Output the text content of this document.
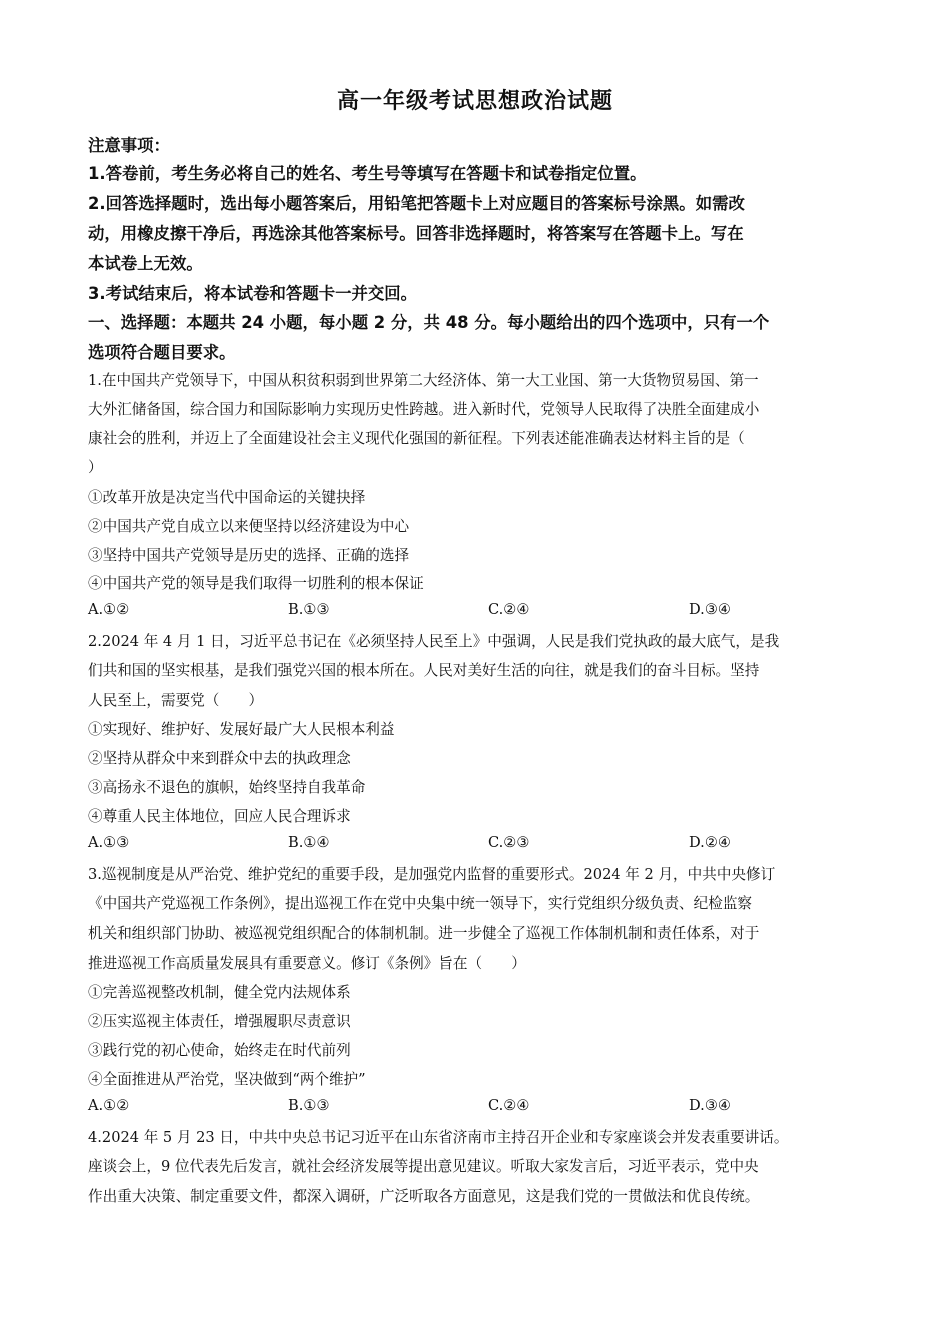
高一年级考试思想政治试题
注意事项：
1.答卷前，考生务必将自己的姓名、考生号等填写在答题卡和试卷指定位置。
2.回答选择题时，选出每小题答案后，用铅笔把答题卡上对应题目的答案标号涂黑。如需改
动，用橡皮擦干净后，再选涂其他答案标号。回答非选择题时，将答案写在答题卡上。写在
本试卷上无效。
3.考试结束后，将本试卷和答题卡一并交回。
一、选择题：本题共 24 小题，每小题 2 分，共 48 分。每小题给出的四个选项中，只有一个
选项符合题目要求。
1.在中国共产党领导下，中国从积贫积弱到世界第二大经济体、第一大工业国、第一大货物贸易国、第一
大外汇储备国，综合国力和国际影响力实现历史性跨越。进入新时代，党领导人民取得了决胜全面建成小
康社会的胜利，并迈上了全面建设社会主义现代化强国的新征程。下列表述能准确表达材料主旨的是（
）
①改革开放是决定当代中国命运的关键抉择
②中国共产党自成立以来便坚持以经济建设为中心
③坚持中国共产党领导是历史的选择、正确的选择
④中国共产党的领导是我们取得一切胜利的根本保证
A.①②	B.①③	C.②④	D.③④
2.2024 年 4 月 1 日，习近平总书记在《必须坚持人民至上》中强调，人民是我们党执政的最大底气，是我
们共和国的坚实根基，是我们强党兴国的根本所在。人民对美好生活的向往，就是我们的奋斗目标。坚持
人民至上，需要党（　　）
①实现好、维护好、发展好最广大人民根本利益
②坚持从群众中来到群众中去的执政理念
③高扬永不退色的旗帜，始终坚持自我革命
④尊重人民主体地位，回应人民合理诉求
A.①③	B.①④	C.②③	D.②④
3.巡视制度是从严治党、维护党纪的重要手段，是加强党内监督的重要形式。2024 年 2 月，中共中央修订
《中国共产党巡视工作条例》，提出巡视工作在党中央集中统一领导下，实行党组织分级负责、纪检监察
机关和组织部门协助、被巡视党组织配合的体制机制。进一步健全了巡视工作体制机制和责任体系，对于
推进巡视工作高质量发展具有重要意义。修订《条例》旨在（　　）
①完善巡视整改机制，健全党内法规体系
②压实巡视主体责任，增强履职尽责意识
③践行党的初心使命，始终走在时代前列
④全面推进从严治党，坚决做到“两个维护”
A.①②	B.①③	C.②④	D.③④
4.2024 年 5 月 23 日，中共中央总书记习近平在山东省济南市主持召开企业和专家座谈会并发表重要讲话。
座谈会上，9 位代表先后发言，就社会经济发展等提出意见建议。听取大家发言后，习近平表示，党中央
作出重大决策、制定重要文件，都深入调研，广泛听取各方面意见，这是我们党的一贯做法和优良传统。
